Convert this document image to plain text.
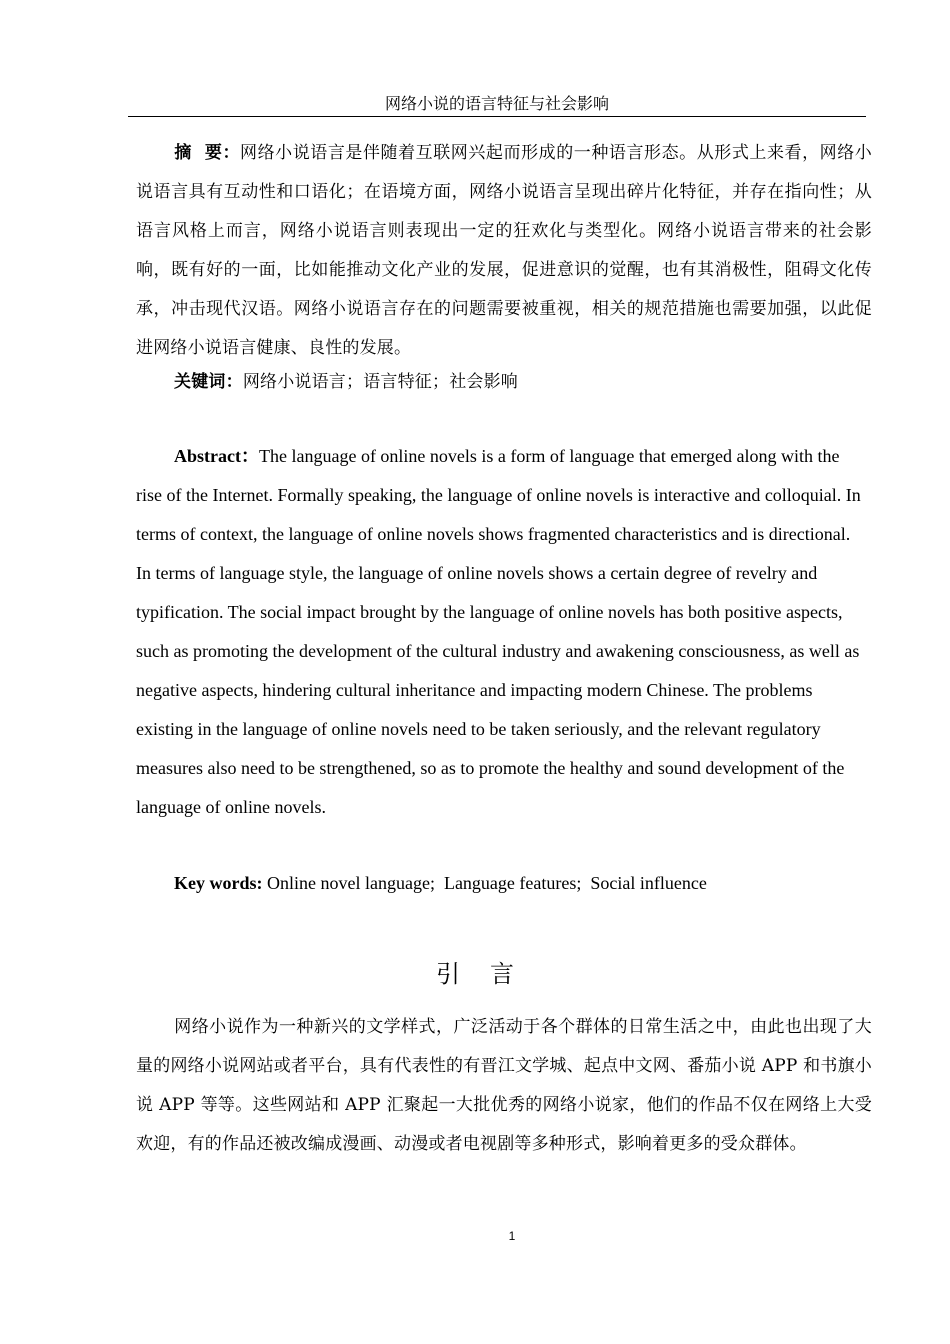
网络小说的语言特征与社会影响
摘  要：网络小说语言是伴随着互联网兴起而形成的一种语言形态。从形式上来看，网络小说语言具有互动性和口语化；在语境方面，网络小说语言呈现出碎片化特征，并存在指向性；从语言风格上而言，网络小说语言则表现出一定的狂欢化与类型化。网络小说语言带来的社会影响，既有好的一面，比如能推动文化产业的发展，促进意识的觉醒，也有其消极性，阻碍文化传承，冲击现代汉语。网络小说语言存在的问题需要被重视，相关的规范措施也需要加强，以此促进网络小说语言健康、良性的发展。
关键词：网络小说语言；语言特征；社会影响
Abstract：The language of online novels is a form of language that emerged along with the rise of the Internet. Formally speaking, the language of online novels is interactive and colloquial. In terms of context, the language of online novels shows fragmented characteristics and is directional. In terms of language style, the language of online novels shows a certain degree of revelry and typification. The social impact brought by the language of online novels has both positive aspects, such as promoting the development of the cultural industry and awakening consciousness, as well as negative aspects, hindering cultural inheritance and impacting modern Chinese. The problems existing in the language of online novels need to be taken seriously, and the relevant regulatory measures also need to be strengthened, so as to promote the healthy and sound development of the language of online novels.
Key words: Online novel language;  Language features;  Social influence
引言
网络小说作为一种新兴的文学样式，广泛活动于各个群体的日常生活之中，由此也出现了大量的网络小说网站或者平台，具有代表性的有晋江文学城、起点中文网、番茄小说 APP 和书旗小说 APP 等等。这些网站和 APP 汇聚起一大批优秀的网络小说家，他们的作品不仅在网络上大受欢迎，有的作品还被改编成漫画、动漫或者电视剧等多种形式，影响着更多的受众群体。
1
